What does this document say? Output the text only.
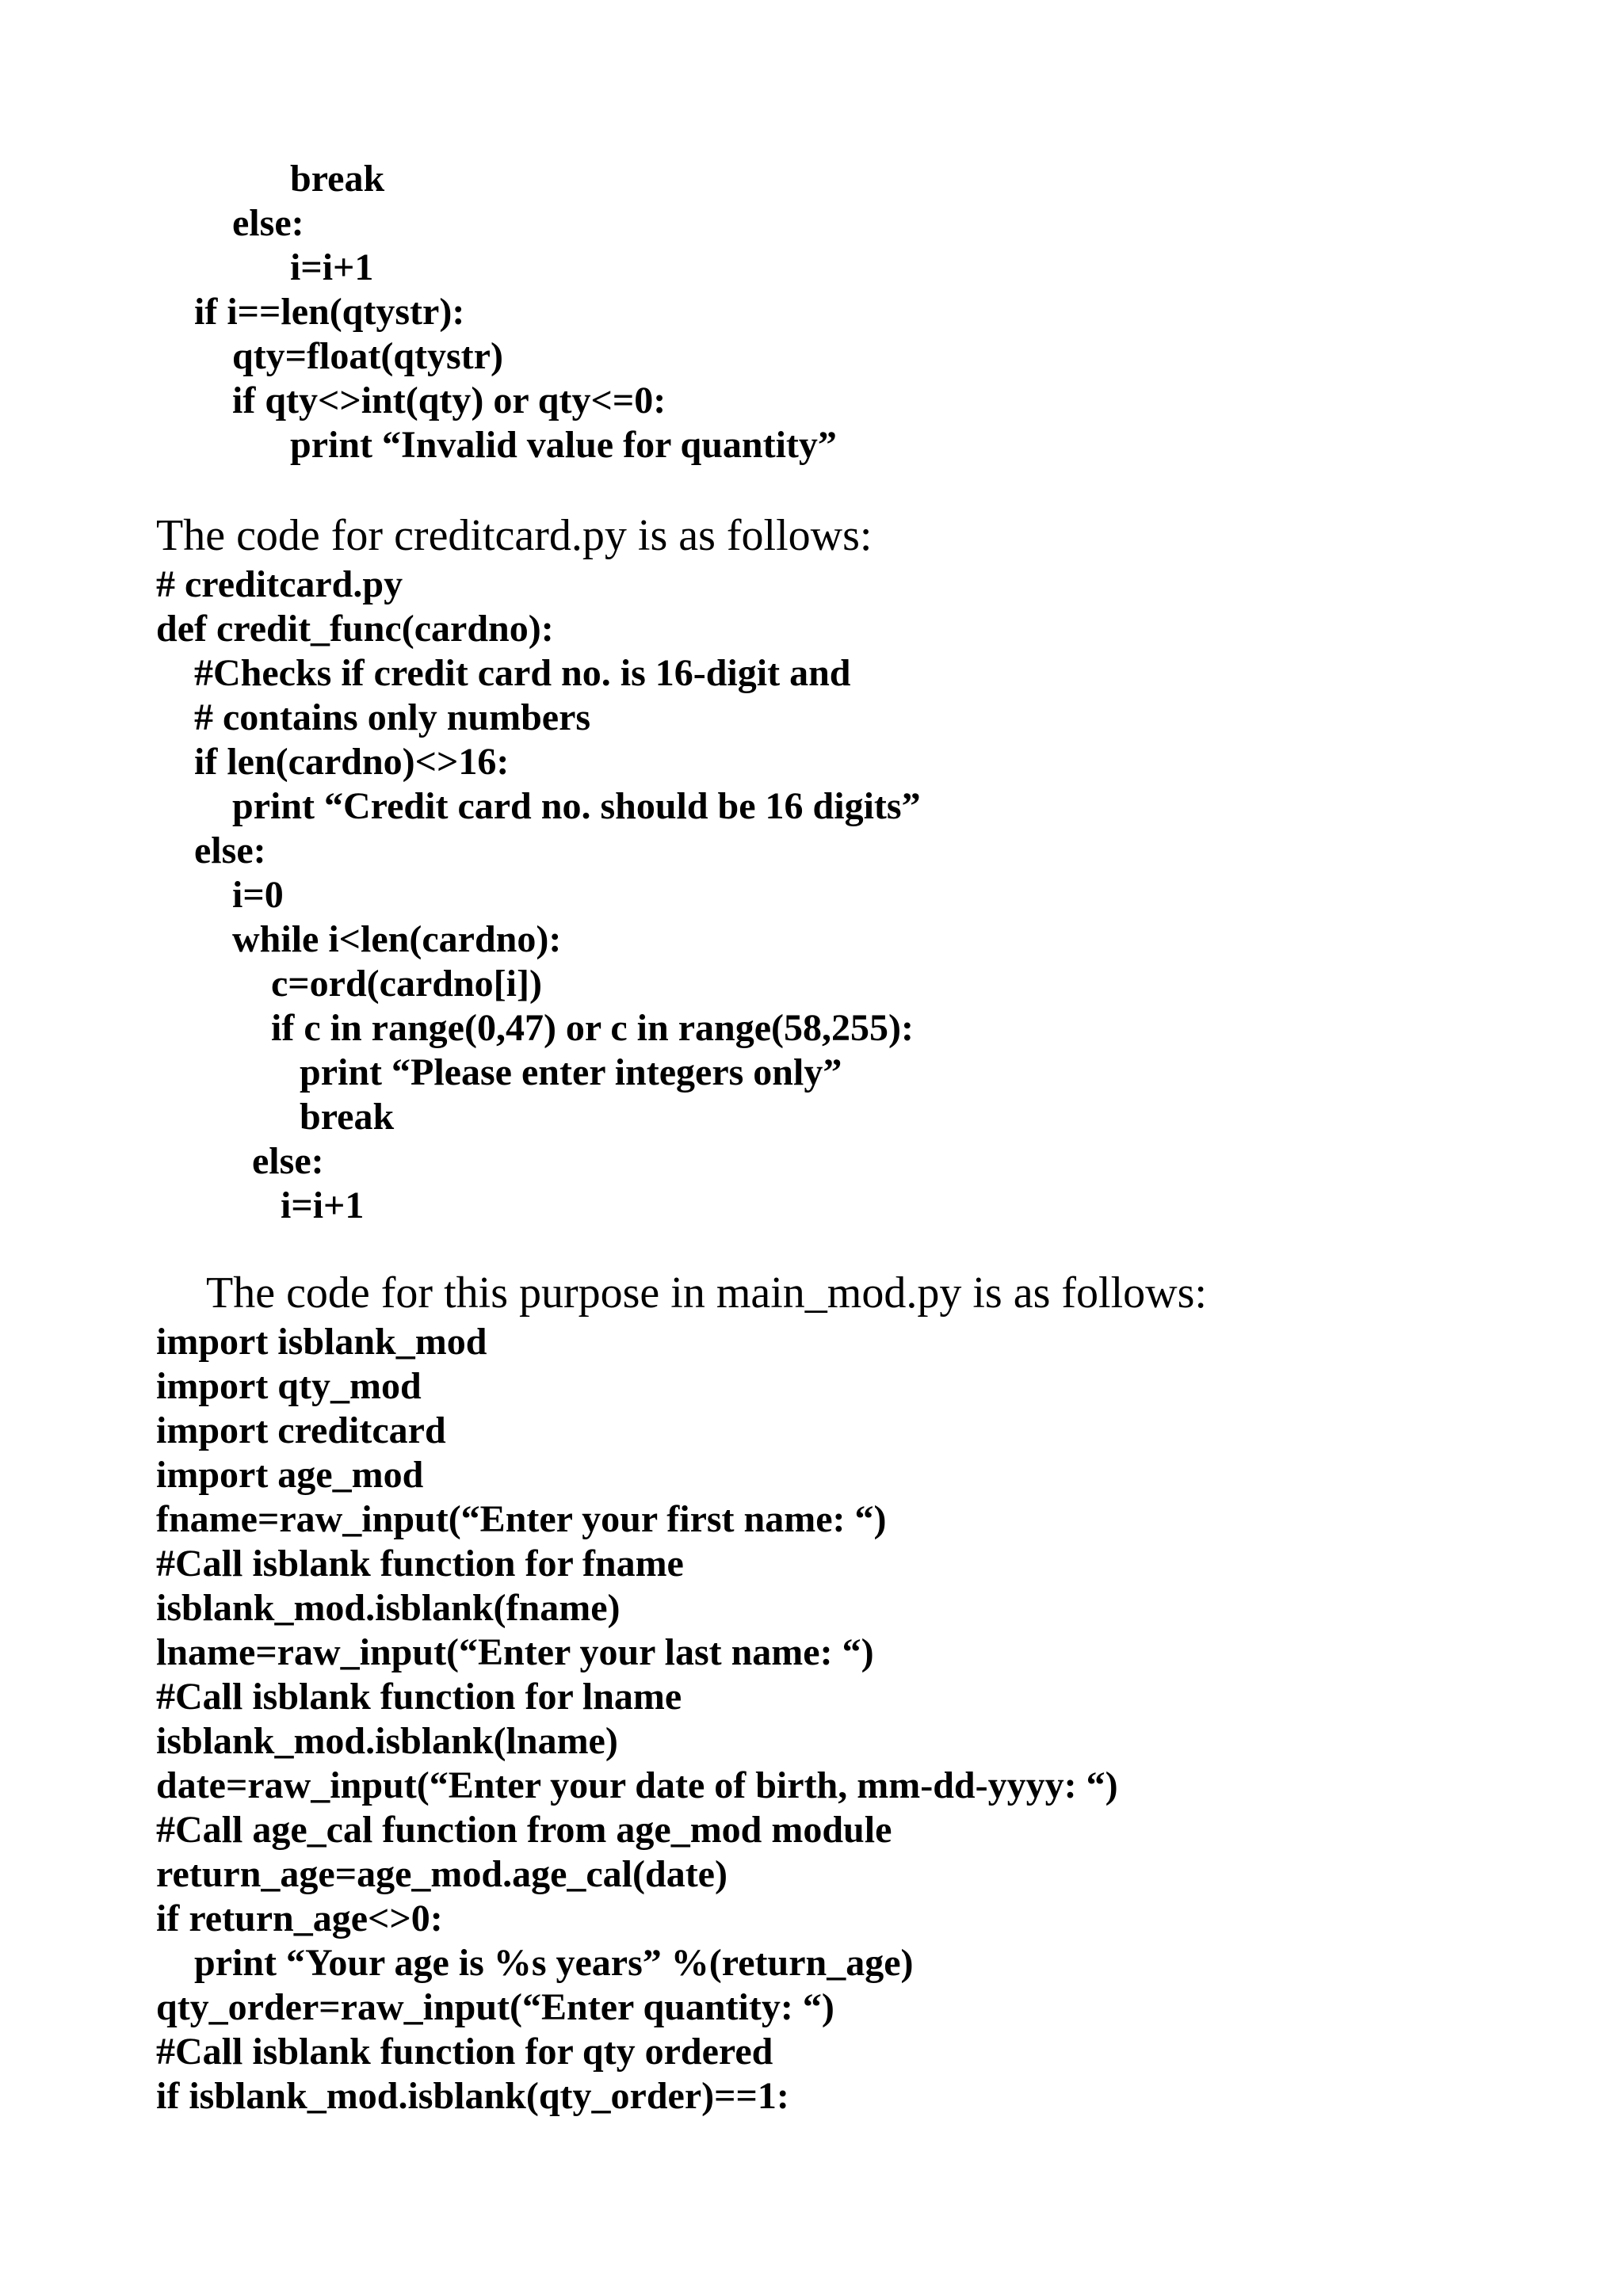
break
else:
i=i+1
if i==len(qtystr):
qty=float(qtystr)
if qty<>int(qty) or qty<=0:
print “Invalid value for quantity”
The code for creditcard.py is as follows:
# creditcard.py
def credit_func(cardno):
#Checks if credit card no. is 16-digit and
# contains only numbers
if len(cardno)<>16:
print “Credit card no. should be 16 digits”
else:
i=0
while i<len(cardno):
c=ord(cardno[i])
if c in range(0,47) or c in range(58,255):
print “Please enter integers only”
break
else:
i=i+1
The code for this purpose in main_mod.py is as follows:
import isblank_mod
import qty_mod
import creditcard
import age_mod
fname=raw_input(“Enter your first name: “)
#Call isblank function for fname
isblank_mod.isblank(fname)
lname=raw_input(“Enter your last name: “)
#Call isblank function for lname
isblank_mod.isblank(lname)
date=raw_input(“Enter your date of birth, mm-dd-yyyy: “)
#Call age_cal function from age_mod module
return_age=age_mod.age_cal(date)
if return_age<>0:
print “Your age is %s years” %(return_age)
qty_order=raw_input(“Enter quantity: “)
#Call isblank function for qty ordered
if isblank_mod.isblank(qty_order)==1:
